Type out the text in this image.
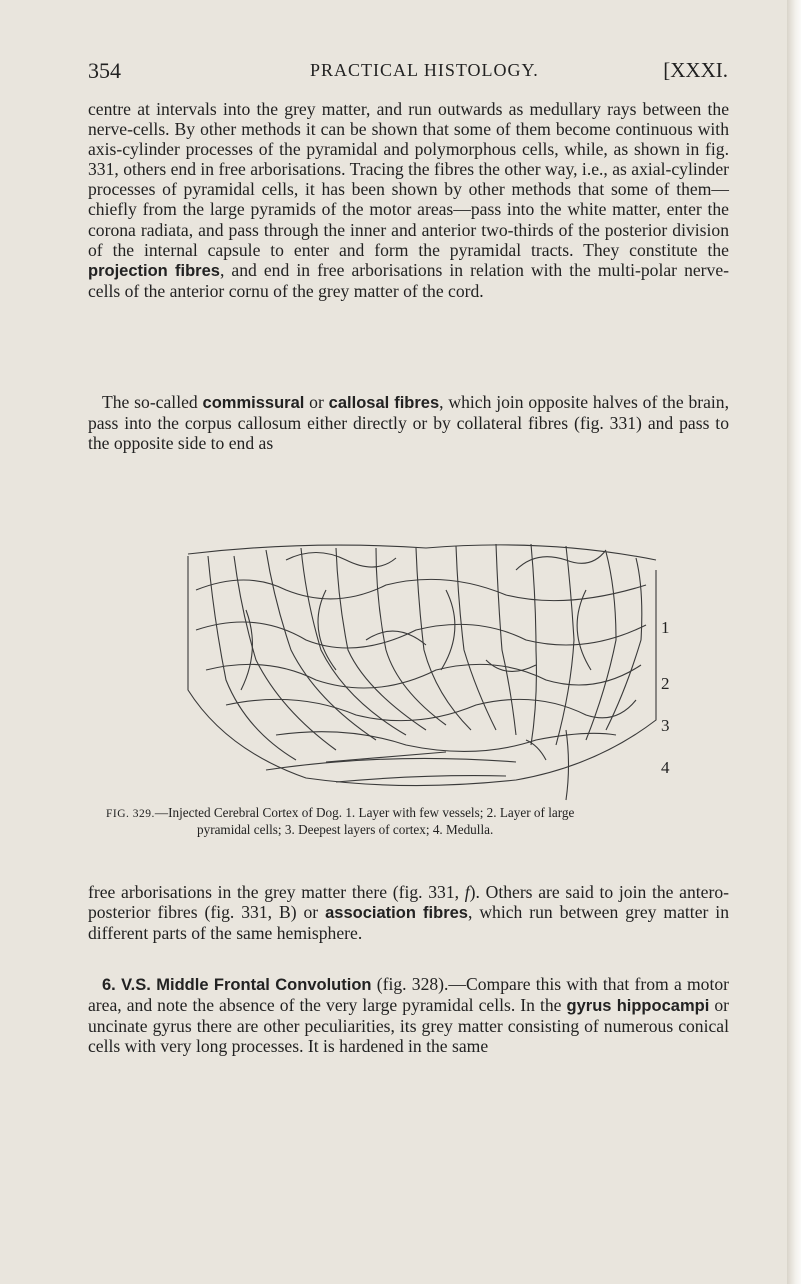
354	PRACTICAL HISTOLOGY.	[XXXI.

centre at intervals into the grey matter, and run outwards as medullary rays between the nerve-cells. By other methods it can be shown that some of them become continuous with axis-cylinder processes of the pyramidal and polymorphous cells, while, as shown in fig. 331, others end in free arborisations. Tracing the fibres the other way, i.e., as axial-cylinder processes of pyramidal cells, it has been shown by other methods that some of them—chiefly from the large pyramids of the motor areas—pass into the white matter, enter the corona radiata, and pass through the inner and anterior two-thirds of the posterior division of the internal capsule to enter and form the pyramidal tracts. They constitute the projection fibres, and end in free arborisations in relation with the multi-polar nerve-cells of the anterior cornu of the grey matter of the cord.

The so-called commissural or callosal fibres, which join opposite halves of the brain, pass into the corpus callosum either directly or by collateral fibres (fig. 331) and pass to the opposite side to end as

1
2
3
4
FIG. 329.—Injected Cerebral Cortex of Dog. 1. Layer with few vessels; 2. Layer of large
pyramidal cells; 3. Deepest layers of cortex; 4. Medulla.

free arborisations in the grey matter there (fig. 331, f). Others are said to join the antero-posterior fibres (fig. 331, B) or association fibres, which run between grey matter in different parts of the same hemisphere.

6. V.S. Middle Frontal Convolution (fig. 328).—Compare this with that from a motor area, and note the absence of the very large pyramidal cells. In the gyrus hippocampi or uncinate gyrus there are other peculiarities, its grey matter consisting of numerous conical cells with very long processes. It is hardened in the same
